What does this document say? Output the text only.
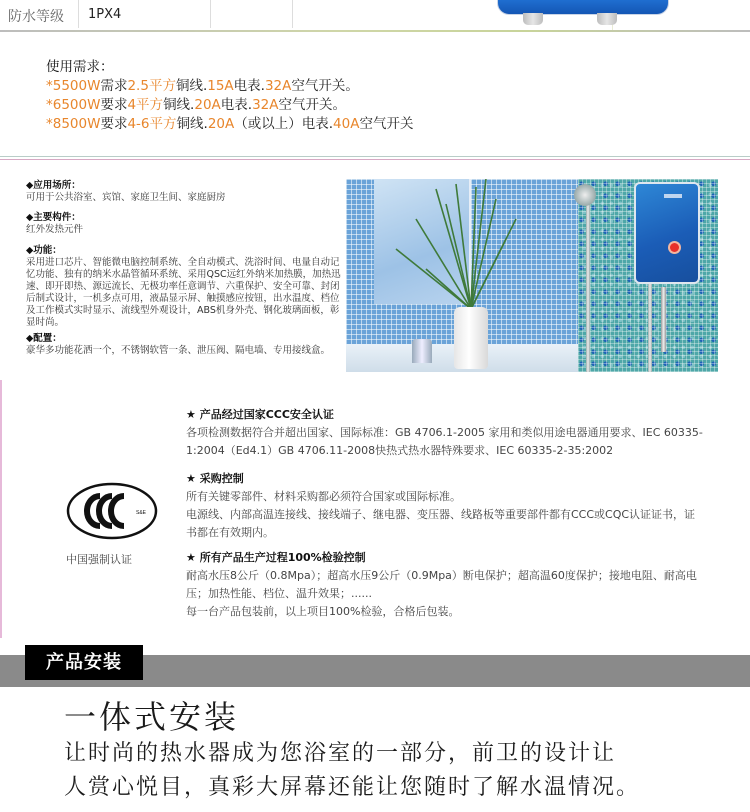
防水等级 1PX4
使用需求：
*5500W需求2.5平方铜线.15A电表.32A空气开关。
*6500W要求4平方铜线.20A电表.32A空气开关。
*8500W要求4-6平方铜线.20A（或以上）电表.40A空气开关
◆应用场所：
可用于公共浴室、宾馆、家庭卫生间、家庭厨房
◆主要构件：
红外发热元件
◆功能：
采用进口芯片、智能微电脑控制系统、全自动模式、洗浴时间、电量自动记忆功能、独有的纳米水晶管循环系统、采用QSC远红外纳米加热膜，加热迅速、即开即热、源远流长、无极功率任意调节、六重保护、安全可靠、封闭后制式设计，一机多点可用，液晶显示屏、触摸感应按钮，出水温度、档位及工作模式实时显示、流线型外观设计，ABS机身外壳、钢化玻璃面板，彰显时尚。
◆配置：
豪华多功能花洒一个，不锈钢软管一条、泄压阀、隔电墙、专用接线盒。
S&E
中国强制认证
★ 产品经过国家CCC安全认证
各项检测数据符合并超出国家、国际标准：GB 4706.1-2005 家用和类似用途电器通用要求、IEC 60335-1:2004（Ed4.1）GB 4706.11-2008快热式热水器特殊要求、IEC 60335-2-35:2002
★ 采购控制
所有关键零部件、材料采购都必须符合国家或国际标准。
电源线、内部高温连接线、接线端子、继电器、变压器、线路板等重要部件都有CCC或CQC认证证书，证书都在有效期内。
★ 所有产品生产过程100%检验控制
耐高水压8公斤（0.8Mpa）；超高水压9公斤（0.9Mpa）断电保护；超高温60度保护；接地电阻、耐高电压；加热性能、档位、温升效果；......
每一台产品包装前，以上项目100%检验，合格后包装。
产品安装
一体式安装
让时尚的热水器成为您浴室的一部分，前卫的设计让
人赏心悦目，真彩大屏幕还能让您随时了解水温情况。
